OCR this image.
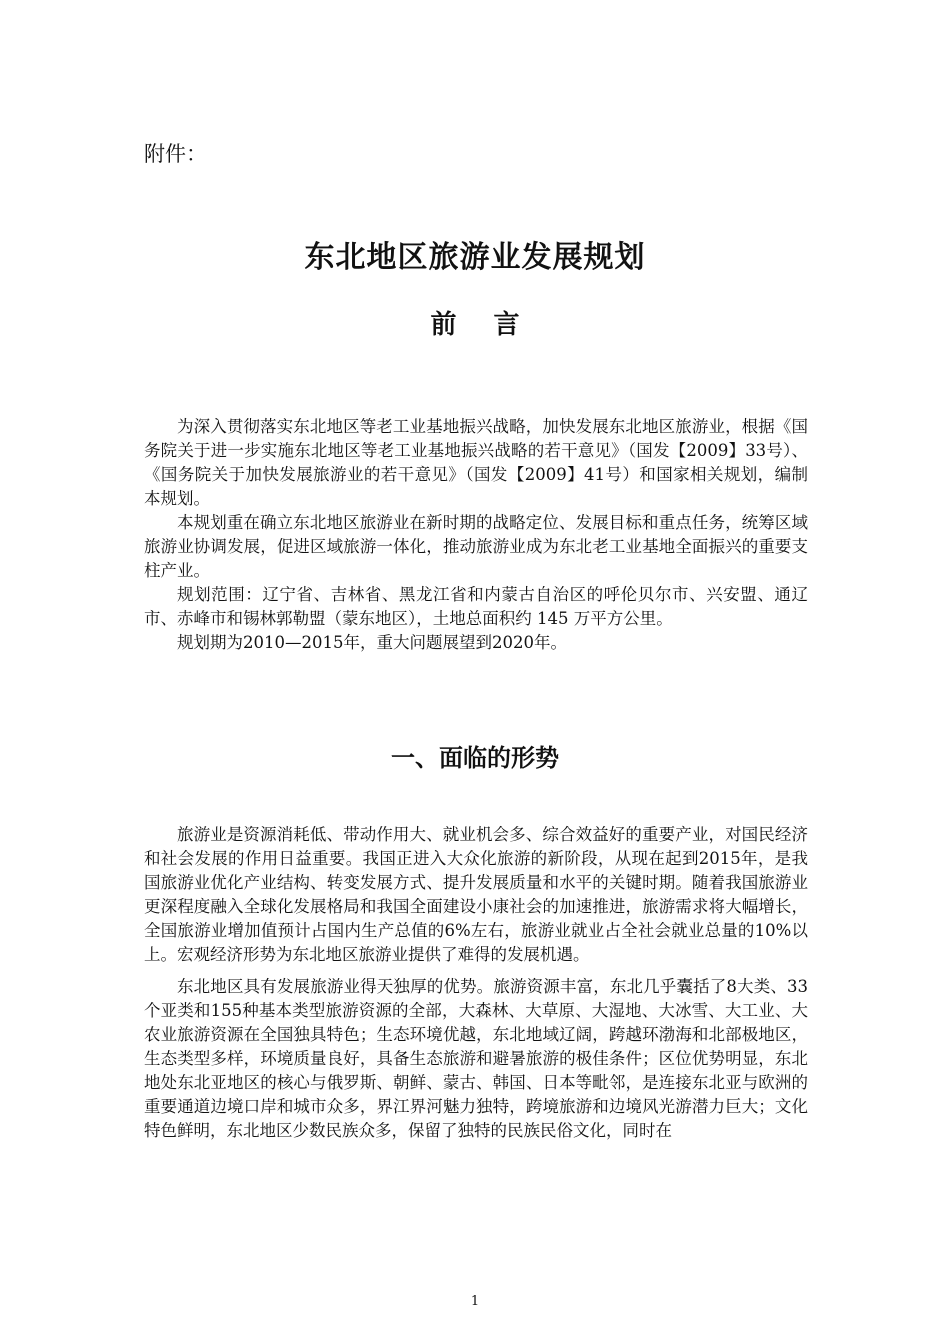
附件：
东北地区旅游业发展规划
前 言

为深入贯彻落实东北地区等老工业基地振兴战略，加快发展东北地区旅游业，根据《国务院关于进一步实施东北地区等老工业基地振兴战略的若干意见》（国发【2009】33号）、《国务院关于加快发展旅游业的若干意见》（国发【2009】41号）和国家相关规划，编制本规划。

本规划重在确立东北地区旅游业在新时期的战略定位、发展目标和重点任务，统筹区域旅游业协调发展，促进区域旅游一体化，推动旅游业成为东北老工业基地全面振兴的重要支柱产业。

规划范围：辽宁省、吉林省、黑龙江省和内蒙古自治区的呼伦贝尔市、兴安盟、通辽市、赤峰市和锡林郭勒盟（蒙东地区），土地总面积约 145 万平方公里。

规划期为2010—2015年，重大问题展望到2020年。

一、面临的形势

旅游业是资源消耗低、带动作用大、就业机会多、综合效益好的重要产业，对国民经济和社会发展的作用日益重要。我国正进入大众化旅游的新阶段，从现在起到2015年，是我国旅游业优化产业结构、转变发展方式、提升发展质量和水平的关键时期。随着我国旅游业更深程度融入全球化发展格局和我国全面建设小康社会的加速推进，旅游需求将大幅增长，全国旅游业增加值预计占国内生产总值的6%左右，旅游业就业占全社会就业总量的10%以上。宏观经济形势为东北地区旅游业提供了难得的发展机遇。

东北地区具有发展旅游业得天独厚的优势。旅游资源丰富，东北几乎囊括了8大类、33个亚类和155种基本类型旅游资源的全部，大森林、大草原、大湿地、大冰雪、大工业、大农业旅游资源在全国独具特色；生态环境优越，东北地域辽阔，跨越环渤海和北部极地区，生态类型多样，环境质量良好，具备生态旅游和避暑旅游的极佳条件；区位优势明显，东北地处东北亚地区的核心与俄罗斯、朝鲜、蒙古、韩国、日本等毗邻，是连接东北亚与欧洲的重要通道边境口岸和城市众多，界江界河魅力独特，跨境旅游和边境风光游潜力巨大；文化特色鲜明，东北地区少数民族众多，保留了独特的民族民俗文化，同时在

1
